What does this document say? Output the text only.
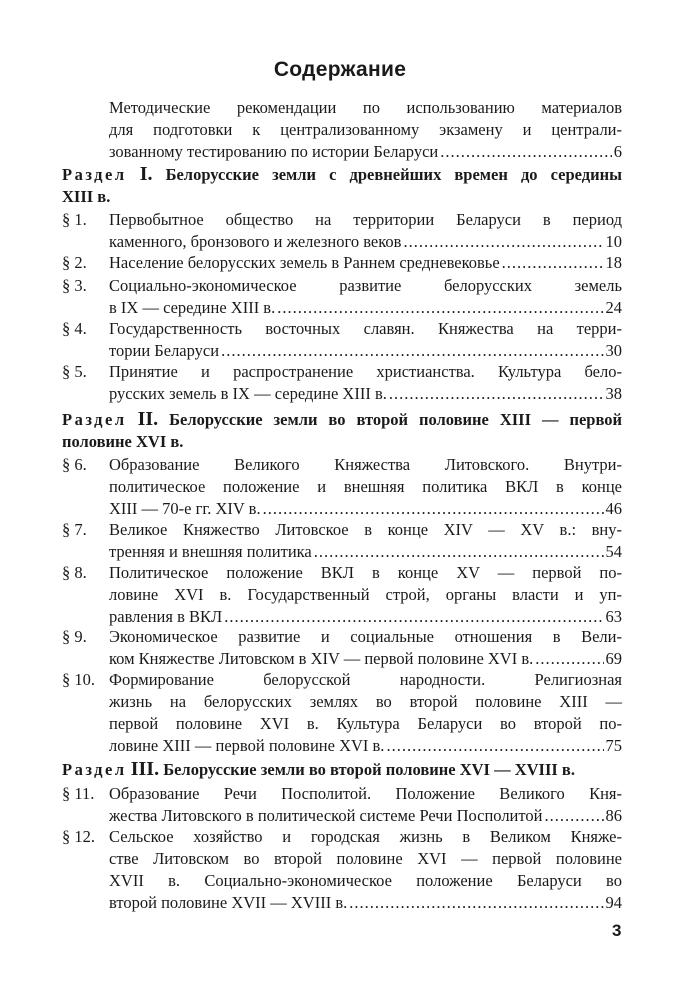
Содержание
Методические рекомендации по использованию материалов
для подготовки к централизованному экзамену и централи-
зованному тестированию по истории Беларуси .....	6
Раздел I. Белорусские земли с древнейших времен до середины
XIII в.
§ 1. Первобытное общество на территории Беларуси в период
каменного, бронзового и железного веков .....	10
§ 2. Население белорусских земель в Раннем средневековье .....	18
§ 3. Социально-экономическое развитие белорусских земель
в IX — середине XIII в. .....	24
§ 4. Государственность восточных славян. Княжества на терри-
тории Беларуси .....	30
§ 5. Принятие и распространение христианства. Культура бело-
русских земель в IX — середине XIII в. .....	38
Раздел II. Белорусские земли во второй половине XIII — первой
половине XVI в.
§ 6. Образование Великого Княжества Литовского. Внутри-
политическое положение и внешняя политика ВКЛ в конце
XIII — 70-е гг. XIV в. .....	46
§ 7. Великое Княжество Литовское в конце XIV — XV в.: вну-
тренняя и внешняя политика .....	54
§ 8. Политическое положение ВКЛ в конце XV — первой по-
ловине XVI в. Государственный строй, органы власти и уп-
равления в ВКЛ .....	63
§ 9. Экономическое развитие и социальные отношения в Вели-
ком Княжестве Литовском в XIV — первой половине XVI в. .....	69
§ 10. Формирование белорусской народности. Религиозная
жизнь на белорусских землях во второй половине XIII —
первой половине XVI в. Культура Беларуси во второй по-
ловине XIII — первой половине XVI в. .....	75
Раздел III. Белорусские земли во второй половине XVI — XVIII в.
§ 11. Образование Речи Посполитой. Положение Великого Кня-
жества Литовского в политической системе Речи Посполитой .....	86
§ 12. Сельское хозяйство и городская жизнь в Великом Княже-
стве Литовском во второй половине XVI — первой половине
XVII в. Социально-экономическое положение Беларуси во
второй половине XVII — XVIII в. .....	94
3
